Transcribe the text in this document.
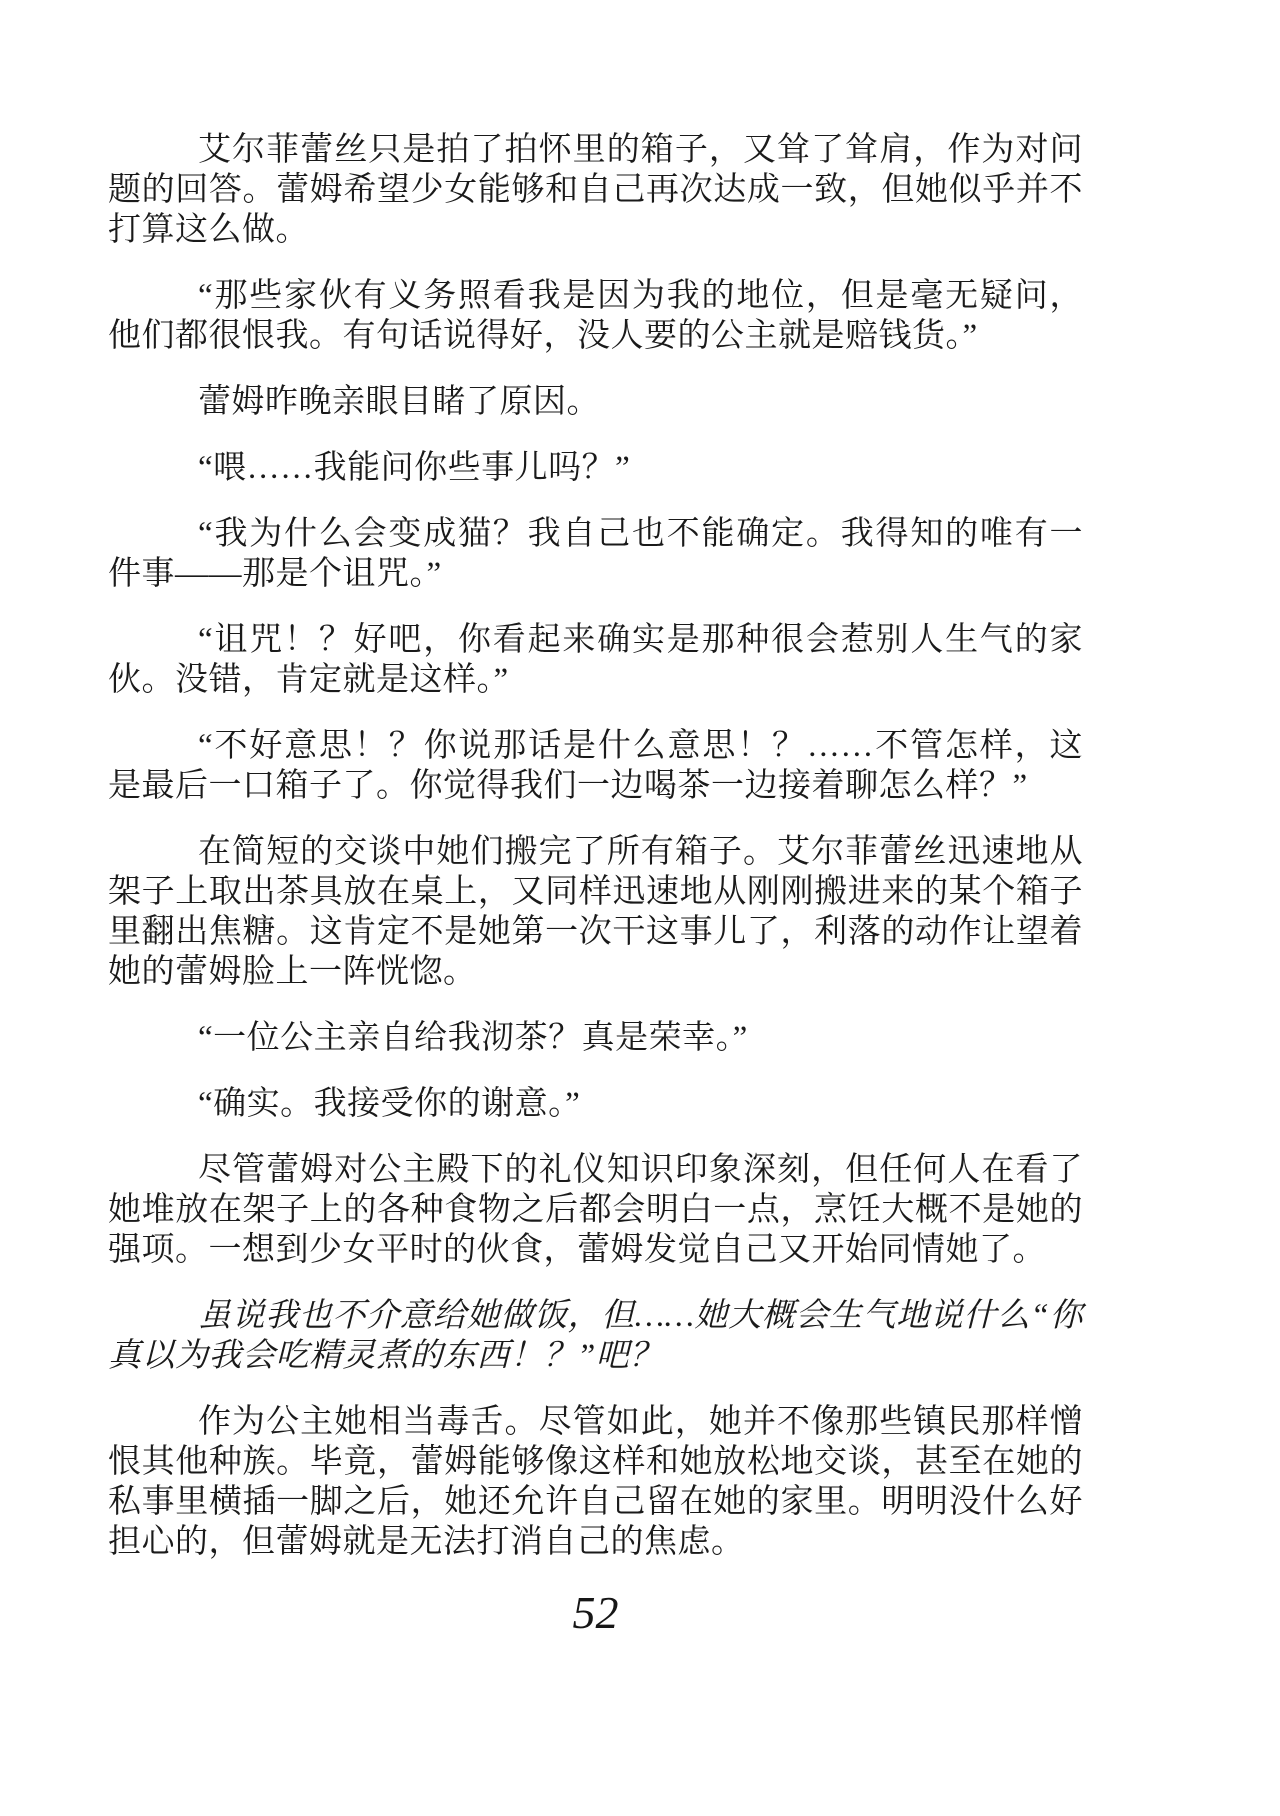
艾尔菲蕾丝只是拍了拍怀里的箱子，又耸了耸肩，作为对问题的回答。蕾姆希望少女能够和自己再次达成一致，但她似乎并不打算这么做。

“那些家伙有义务照看我是因为我的地位，但是毫无疑问，他们都很恨我。有句话说得好，没人要的公主就是赔钱货。”

蕾姆昨晚亲眼目睹了原因。

“喂……我能问你些事儿吗？”

“我为什么会变成猫？我自己也不能确定。我得知的唯有一件事——那是个诅咒。”

“诅咒！？好吧，你看起来确实是那种很会惹别人生气的家伙。没错，肯定就是这样。”

“不好意思！？你说那话是什么意思！？……不管怎样，这是最后一口箱子了。你觉得我们一边喝茶一边接着聊怎么样？”

在简短的交谈中她们搬完了所有箱子。艾尔菲蕾丝迅速地从架子上取出茶具放在桌上，又同样迅速地从刚刚搬进来的某个箱子里翻出焦糖。这肯定不是她第一次干这事儿了，利落的动作让望着她的蕾姆脸上一阵恍惚。

“一位公主亲自给我沏茶？真是荣幸。”

“确实。我接受你的谢意。”

尽管蕾姆对公主殿下的礼仪知识印象深刻，但任何人在看了她堆放在架子上的各种食物之后都会明白一点，烹饪大概不是她的强项。一想到少女平时的伙食，蕾姆发觉自己又开始同情她了。

虽说我也不介意给她做饭，但……她大概会生气地说什么“你真以为我会吃精灵煮的东西！？”吧？

作为公主她相当毒舌。尽管如此，她并不像那些镇民那样憎恨其他种族。毕竟，蕾姆能够像这样和她放松地交谈，甚至在她的私事里横插一脚之后，她还允许自己留在她的家里。明明没什么好担心的，但蕾姆就是无法打消自己的焦虑。

52
